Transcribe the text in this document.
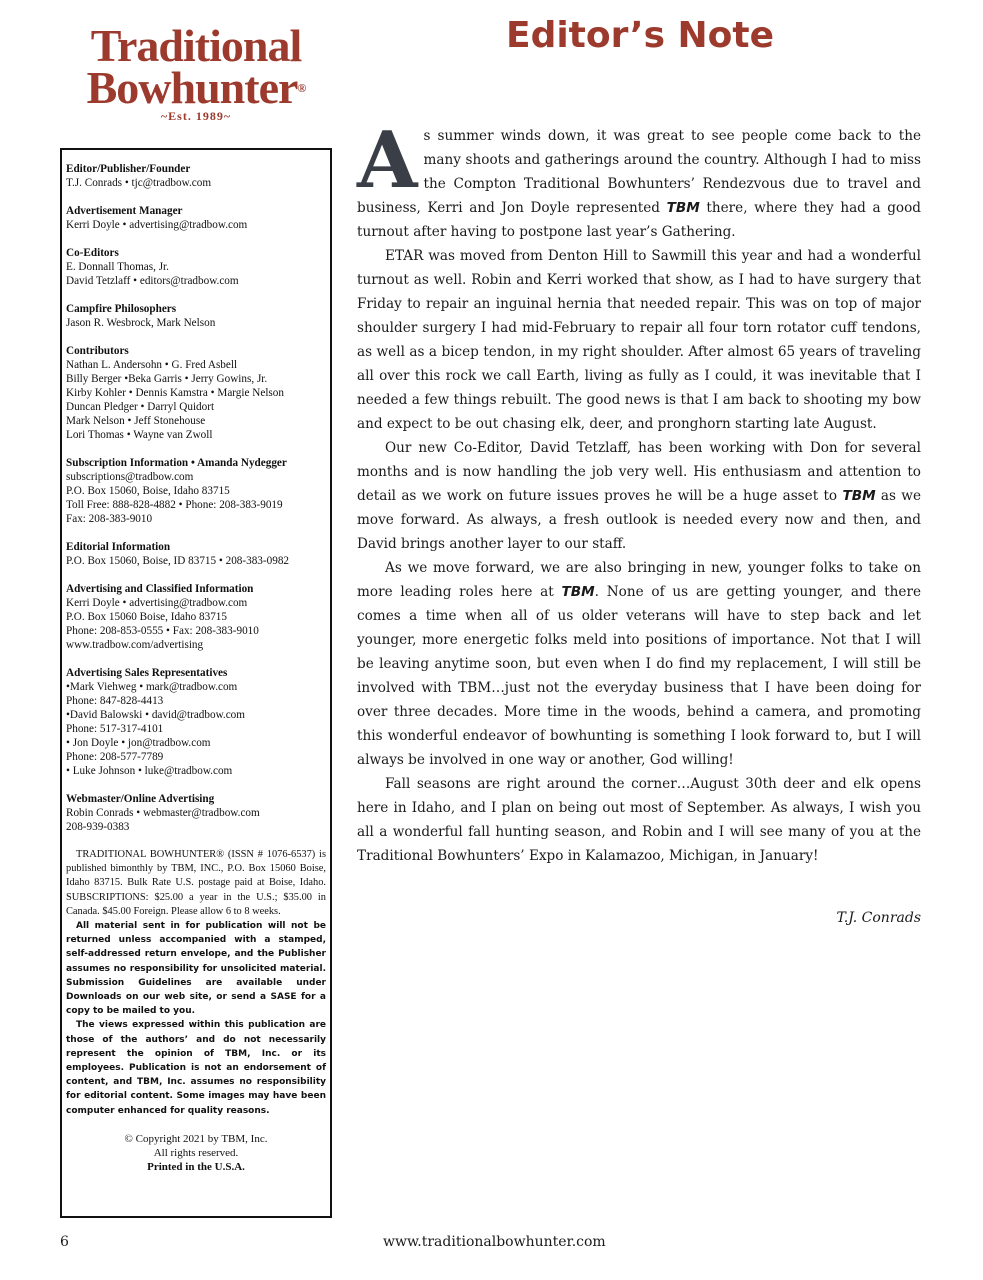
Traditional
Bowhunter®
~Est. 1989~
Editor’s Note
Editor/Publisher/Founder
T.J. Conrads • tjc@tradbow.com
Advertisement Manager
Kerri Doyle • advertising@tradbow.com
Co-Editors
E. Donnall Thomas, Jr.
David Tetzlaff • editors@tradbow.com
Campfire Philosophers
Jason R. Wesbrock, Mark Nelson
Contributors
Nathan L. Andersohn • G. Fred Asbell
Billy Berger •Beka Garris • Jerry Gowins, Jr.
Kirby Kohler • Dennis Kamstra • Margie Nelson
Duncan Pledger • Darryl Quidort
Mark Nelson • Jeff Stonehouse
Lori Thomas • Wayne van Zwoll
Subscription Information • Amanda Nydegger
subscriptions@tradbow.com
P.O. Box 15060, Boise, Idaho 83715
Toll Free: 888-828-4882 • Phone: 208-383-9019
Fax: 208-383-9010
Editorial Information
P.O. Box 15060, Boise, ID 83715 • 208-383-0982
Advertising and Classified Information
Kerri Doyle • advertising@tradbow.com
P.O. Box 15060 Boise, Idaho 83715
Phone: 208-853-0555 • Fax: 208-383-9010
www.tradbow.com/advertising
Advertising Sales Representatives
•Mark Viehweg • mark@tradbow.com
Phone: 847-828-4413
•David Balowski • david@tradbow.com
Phone: 517-317-4101
• Jon Doyle • jon@tradbow.com
Phone: 208-577-7789
• Luke Johnson • luke@tradbow.com
Webmaster/Online Advertising
Robin Conrads • webmaster@tradbow.com
208-939-0383

TRADITIONAL BOWHUNTER® (ISSN # 1076-6537) is published bimonthly by TBM, INC., P.O. Box 15060 Boise, Idaho 83715. Bulk Rate U.S. postage paid at Boise, Idaho. SUBSCRIPTIONS: $25.00 a year in the U.S.; $35.00 in Canada. $45.00 Foreign. Please allow 6 to 8 weeks.

All material sent in for publication will not be returned unless accompanied with a stamped, self-addressed return envelope, and the Publisher assumes no responsibility for unsolicited material. Submission Guidelines are available under Downloads on our web site, or send a SASE for a copy to be mailed to you.

The views expressed within this publication are those of the authors’ and do not necessarily represent the opinion of TBM, Inc. or its employees. Publication is not an endorsement of content, and TBM, Inc. assumes no responsibility for editorial content. Some images may have been computer enhanced for quality reasons.

© Copyright 2021 by TBM, Inc.
All rights reserved.
Printed in the U.S.A.

As summer winds down, it was great to see people come back to the many shoots and gatherings around the country. Although I had to miss the Compton Traditional Bowhunters’ Rendezvous due to travel and business, Kerri and Jon Doyle represented TBM there, where they had a good turnout after having to postpone last year’s Gathering.

ETAR was moved from Denton Hill to Sawmill this year and had a wonderful turnout as well. Robin and Kerri worked that show, as I had to have surgery that Friday to repair an inguinal hernia that needed repair. This was on top of major shoulder surgery I had mid-February to repair all four torn rotator cuff tendons, as well as a bicep tendon, in my right shoulder. After almost 65 years of traveling all over this rock we call Earth, living as fully as I could, it was inevitable that I needed a few things rebuilt. The good news is that I am back to shooting my bow and expect to be out chasing elk, deer, and pronghorn starting late August.

Our new Co-Editor, David Tetzlaff, has been working with Don for several months and is now handling the job very well. His enthusiasm and attention to detail as we work on future issues proves he will be a huge asset to TBM as we move forward. As always, a fresh outlook is needed every now and then, and David brings another layer to our staff.

As we move forward, we are also bringing in new, younger folks to take on more leading roles here at TBM. None of us are getting younger, and there comes a time when all of us older veterans will have to step back and let younger, more energetic folks meld into positions of importance. Not that I will be leaving anytime soon, but even when I do find my replacement, I will still be involved with TBM…just not the everyday business that I have been doing for over three decades. More time in the woods, behind a camera, and promoting this wonderful endeavor of bowhunting is something I look forward to, but I will always be involved in one way or another, God willing!

Fall seasons are right around the corner…August 30th deer and elk opens here in Idaho, and I plan on being out most of September. As always, I wish you all a wonderful fall hunting season, and Robin and I will see many of you at the Traditional Bowhunters’ Expo in Kalamazoo, Michigan, in January!

T.J. Conrads
6	www.traditionalbowhunter.com
